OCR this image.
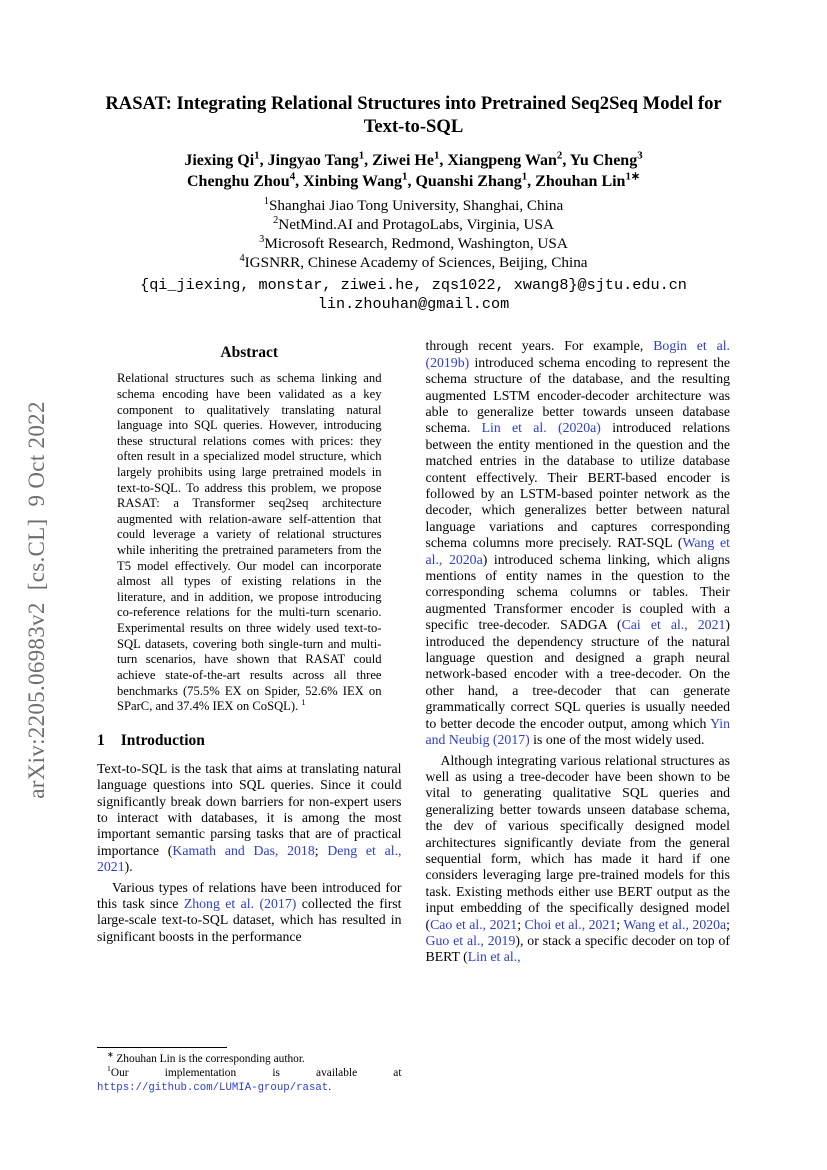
arXiv:2205.06983v2  [cs.CL]  9 Oct 2022
RASAT: Integrating Relational Structures into Pretrained Seq2Seq Model for Text-to-SQL
Jiexing Qi$^1$, Jingyao Tang$^1$, Ziwei He$^1$, Xiangpeng Wan$^2$, Yu Cheng$^3$
Chenghu Zhou$^4$, Xinbing Wang$^1$, Quanshi Zhang$^1$, Zhouhan Lin$^{1∗}$
$^1$Shanghai Jiao Tong University, Shanghai, China
$^2$NetMind.AI and ProtagoLabs, Virginia, USA
$^3$Microsoft Research, Redmond, Washington, USA
$^4$IGSNRR, Chinese Academy of Sciences, Beijing, China
{qi_jiexing, monstar, ziwei.he, zqs1022, xwang8}@sjtu.edu.cn
lin.zhouhan@gmail.com
Abstract

Relational structures such as schema linking and schema encoding have been validated as a key component to qualitatively translating natural language into SQL queries. However, introducing these structural relations comes with prices: they often result in a specialized model structure, which largely prohibits using large pretrained models in text-to-SQL. To address this problem, we propose RASAT: a Transformer seq2seq architecture augmented with relation-aware self-attention that could leverage a variety of relational structures while inheriting the pretrained parameters from the T5 model effectively. Our model can incorporate almost all types of existing relations in the literature, and in addition, we propose introducing co-reference relations for the multi-turn scenario. Experimental results on three widely used text-to-SQL datasets, covering both single-turn and multi-turn scenarios, have shown that RASAT could achieve state-of-the-art results across all three benchmarks (75.5% EX on Spider, 52.6% IEX on SParC, and 37.4% IEX on CoSQL). $^1$

1 Introduction

Text-to-SQL is the task that aims at translating natural language questions into SQL queries. Since it could significantly break down barriers for non-expert users to interact with databases, it is among the most important semantic parsing tasks that are of practical importance (Kamath and Das, 2018; Deng et al., 2021).

Various types of relations have been introduced for this task since Zhong et al. (2017) collected the first large-scale text-to-SQL dataset, which has resulted in significant boosts in the performance

∗ Zhouhan Lin is the corresponding author.

$^1$Our implementation is available at https://github.com/LUMIA-group/rasat.

through recent years. For example, Bogin et al. (2019b) introduced schema encoding to represent the schema structure of the database, and the resulting augmented LSTM encoder-decoder architecture was able to generalize better towards unseen database schema. Lin et al. (2020a) introduced relations between the entity mentioned in the question and the matched entries in the database to utilize database content effectively. Their BERT-based encoder is followed by an LSTM-based pointer network as the decoder, which generalizes better between natural language variations and captures corresponding schema columns more precisely. RAT-SQL (Wang et al., 2020a) introduced schema linking, which aligns mentions of entity names in the question to the corresponding schema columns or tables. Their augmented Transformer encoder is coupled with a specific tree-decoder. SADGA (Cai et al., 2021) introduced the dependency structure of the natural language question and designed a graph neural network-based encoder with a tree-decoder. On the other hand, a tree-decoder that can generate grammatically correct SQL queries is usually needed to better decode the encoder output, among which Yin and Neubig (2017) is one of the most widely used.

Although integrating various relational structures as well as using a tree-decoder have been shown to be vital to generating qualitative SQL queries and generalizing better towards unseen database schema, the dev of various specifically designed model architectures significantly deviate from the general sequential form, which has made it hard if one considers leveraging large pre-trained models for this task. Existing methods either use BERT output as the input embedding of the specifically designed model (Cao et al., 2021; Choi et al., 2021; Wang et al., 2020a; Guo et al., 2019), or stack a specific decoder on top of BERT (Lin et al.,
